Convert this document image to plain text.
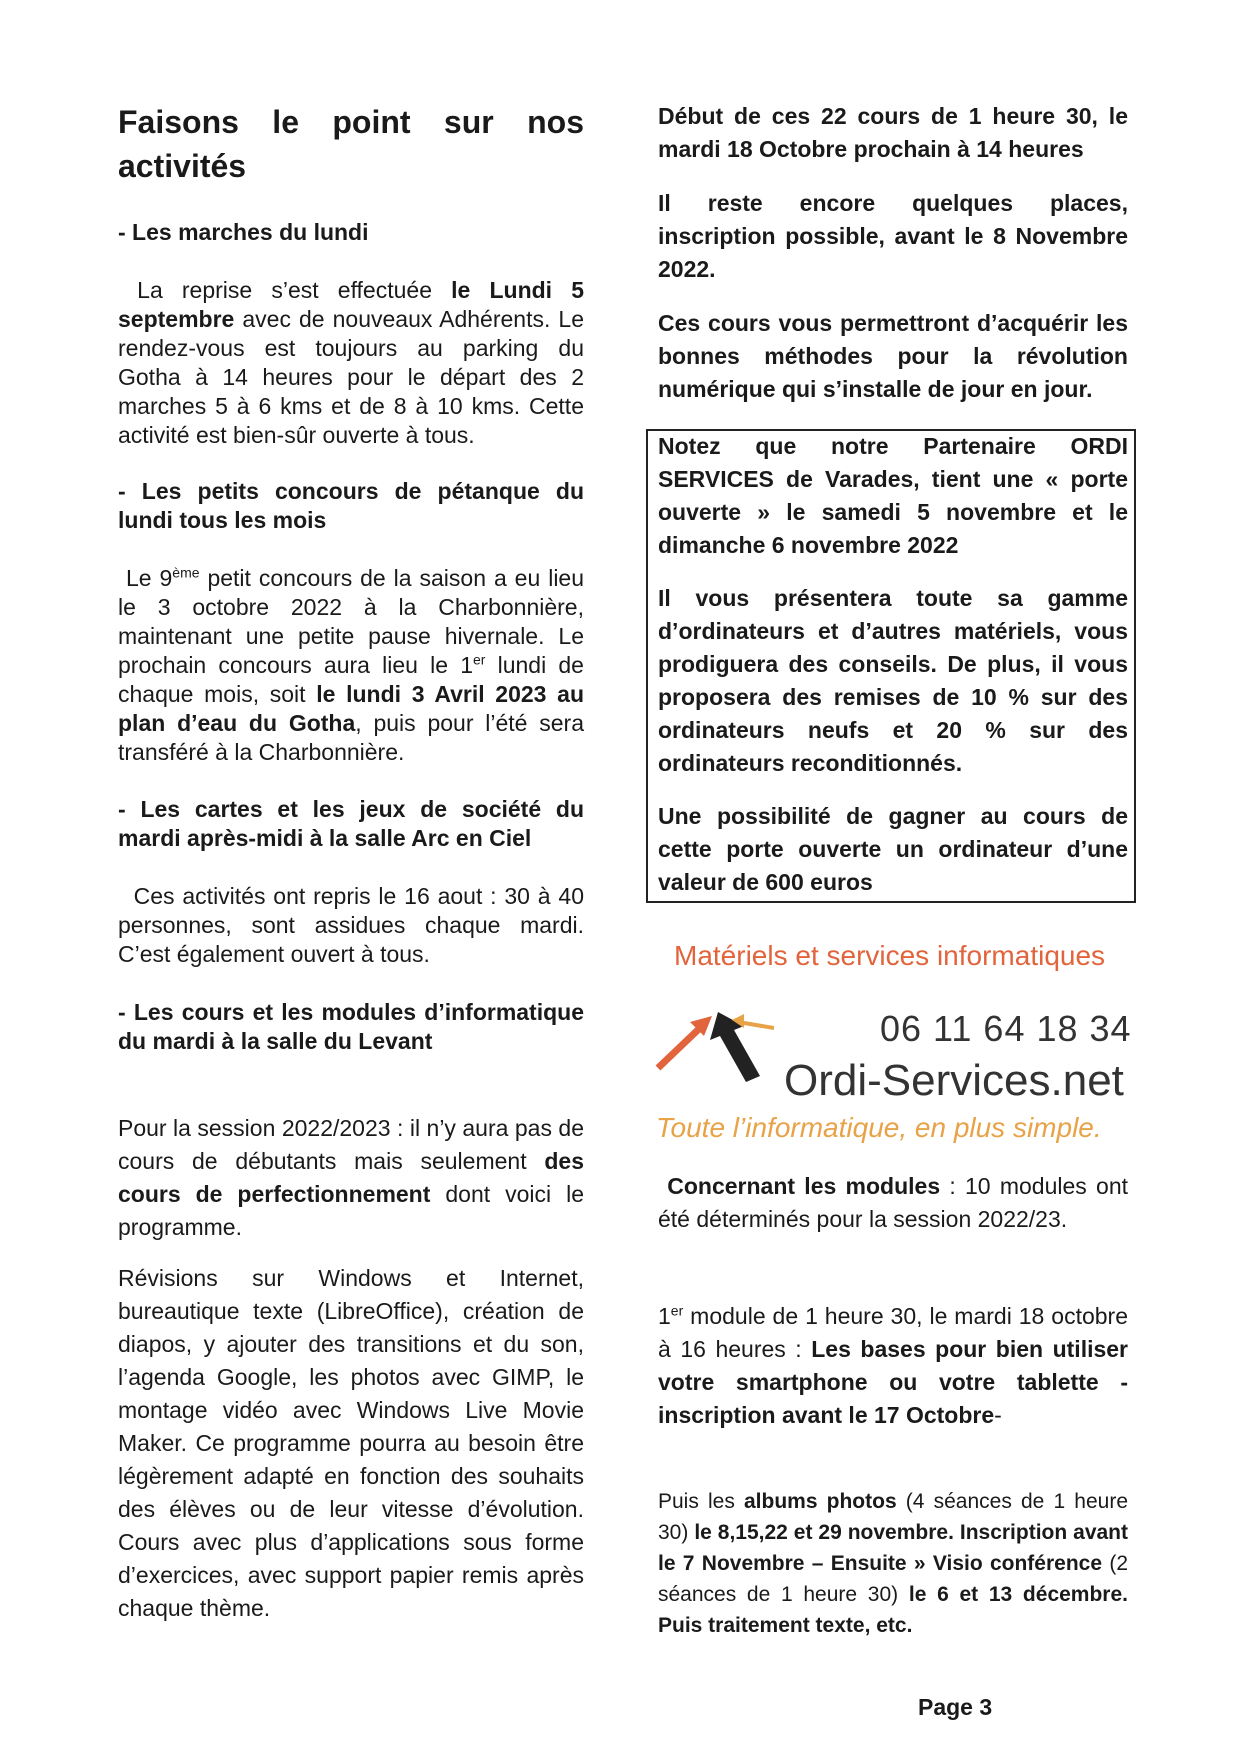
Faisons le point sur nos activités
- Les marches du lundi
La reprise s’est effectuée le Lundi 5 septembre avec de nouveaux Adhérents. Le rendez-vous est toujours au parking du Gotha à 14 heures pour le départ des 2 marches 5 à 6 kms et de 8 à 10 kms. Cette activité est bien-sûr ouverte à tous.
- Les petits concours de pétanque du lundi tous les mois
Le 9ème petit concours de la saison a eu lieu le 3 octobre 2022 à la Charbonnière, maintenant une petite pause hivernale. Le prochain concours aura lieu le 1er lundi de chaque mois, soit le lundi 3 Avril 2023 au plan d’eau du Gotha, puis pour l’été sera transféré à la Charbonnière.
- Les cartes et les jeux de société du mardi après-midi à la salle Arc en Ciel
Ces activités ont repris le 16 aout : 30 à 40 personnes, sont assidues chaque mardi. C’est également ouvert à tous.
- Les cours et les modules d’informatique du mardi à la salle du Levant
Pour la session 2022/2023 : il n’y aura pas de cours de débutants mais seulement des cours de perfectionnement dont voici le programme.
Révisions sur Windows et Internet, bureautique texte (LibreOffice), création de diapos, y ajouter des transitions et du son, l’agenda Google, les photos avec GIMP, le montage vidéo avec Windows Live Movie Maker. Ce programme pourra au besoin être légèrement adapté en fonction des souhaits des élèves ou de leur vitesse d’évolution. Cours avec plus d’applications sous forme d’exercices, avec support papier remis après chaque thème.
Début de ces 22 cours de 1 heure 30, le mardi 18 Octobre prochain à 14 heures
Il reste encore quelques places, inscription possible, avant le 8 Novembre 2022.
Ces cours vous permettront d’acquérir les bonnes méthodes pour la révolution numérique qui s’installe de jour en jour.
Notez que notre Partenaire ORDI SERVICES de Varades, tient une « porte ouverte » le samedi 5 novembre et le dimanche 6 novembre 2022
Il vous présentera toute sa gamme d’ordinateurs et d’autres matériels, vous prodiguera des conseils. De plus, il vous proposera des remises de 10 % sur des ordinateurs neufs et 20 % sur des ordinateurs reconditionnés.
Une possibilité de gagner au cours de cette porte ouverte un ordinateur d’une valeur de 600 euros
Matériels et services informatiques
06 11 64 18 34
Ordi-Services.net
Toute l’informatique, en plus simple.
Concernant les modules : 10 modules ont été déterminés pour la session 2022/23.
1er module de 1 heure 30, le mardi 18 octobre à 16 heures : Les bases pour bien utiliser votre smartphone ou votre tablette - inscription avant le 17 Octobre-
Puis les albums photos (4 séances de 1 heure 30) le 8,15,22 et 29 novembre. Inscription avant le 7 Novembre – Ensuite » Visio conférence (2 séances de 1 heure 30) le 6 et 13 décembre. Puis traitement texte, etc.
Page 3
